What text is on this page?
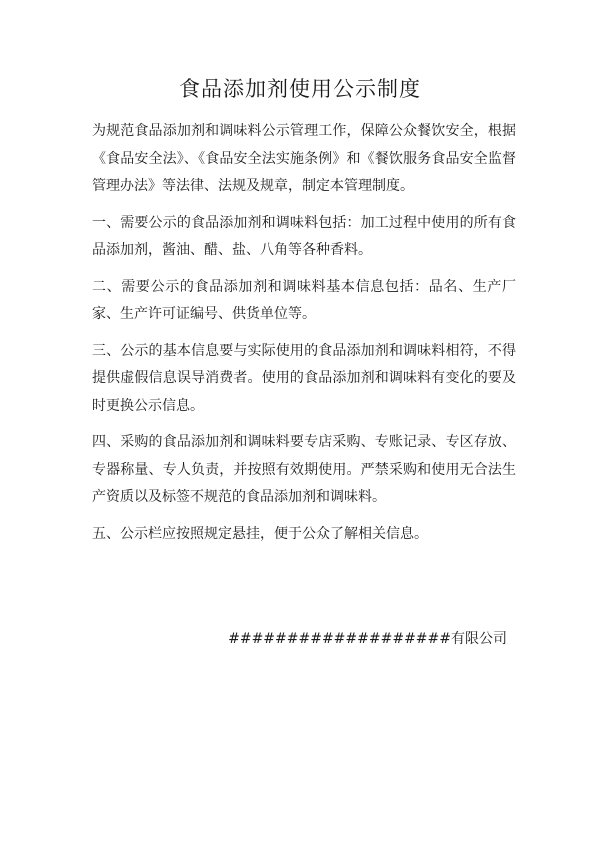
食品添加剂使用公示制度

为规范食品添加剂和调味料公示管理工作，保障公众餐饮安全，根据《食品安全法》、《食品安全法实施条例》和《餐饮服务食品安全监督管理办法》等法律、法规及规章，制定本管理制度。

一、需要公示的食品添加剂和调味料包括：加工过程中使用的所有食品添加剂，酱油、醋、盐、八角等各种香料。

二、需要公示的食品添加剂和调味料基本信息包括：品名、生产厂家、生产许可证编号、供货单位等。

三、公示的基本信息要与实际使用的食品添加剂和调味料相符，不得提供虚假信息误导消费者。使用的食品添加剂和调味料有变化的要及时更换公示信息。

四、采购的食品添加剂和调味料要专店采购、专账记录、专区存放、专器称量、专人负责，并按照有效期使用。严禁采购和使用无合法生产资质以及标签不规范的食品添加剂和调味料。

五、公示栏应按照规定悬挂，便于公众了解相关信息。

###################有限公司
